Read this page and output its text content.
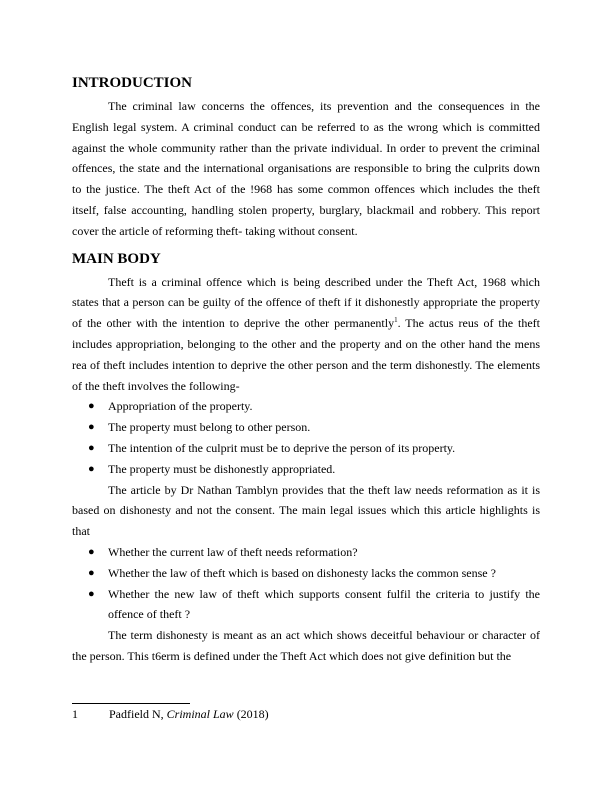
INTRODUCTION

The criminal law concerns the offences, its prevention and the consequences in the English legal system. A criminal conduct can be referred to as the wrong which is committed against the whole community rather than the private individual. In order to prevent the criminal offences, the state and the international organisations are responsible to bring the culprits down to the justice. The theft Act of the !968 has some common offences which includes the theft itself, false accounting, handling stolen property, burglary, blackmail and robbery. This report cover the article of reforming theft- taking without consent.

MAIN BODY

Theft is a criminal offence which is being described under the Theft Act, 1968 which states that a person can be guilty of the offence of theft if it dishonestly appropriate the property of the other with the intention to deprive the other permanently$^1$. The actus reus of the theft includes appropriation, belonging to the other and the property and on the other hand the mens rea of theft includes intention to deprive the other person and the term dishonestly. The elements of the theft involves the following-

● Appropriation of the property.
● The property must belong to other person.
● The intention of the culprit must be to deprive the person of its property.
● The property must be dishonestly appropriated.

The article by Dr Nathan Tamblyn provides that the theft law needs reformation as it is based on dishonesty and not the consent. The main legal issues which this article highlights is that

● Whether the current law of theft needs reformation?
● Whether the law of theft which is based on dishonesty lacks the common sense ?
● Whether the new law of theft which supports consent fulfil the criteria to justify the offence of theft ?

The term dishonesty is meant as an act which shows deceitful behaviour or character of the person. This t6erm is defined under the Theft Act which does not give definition but the

1	Padfield N, Criminal Law (2018)
